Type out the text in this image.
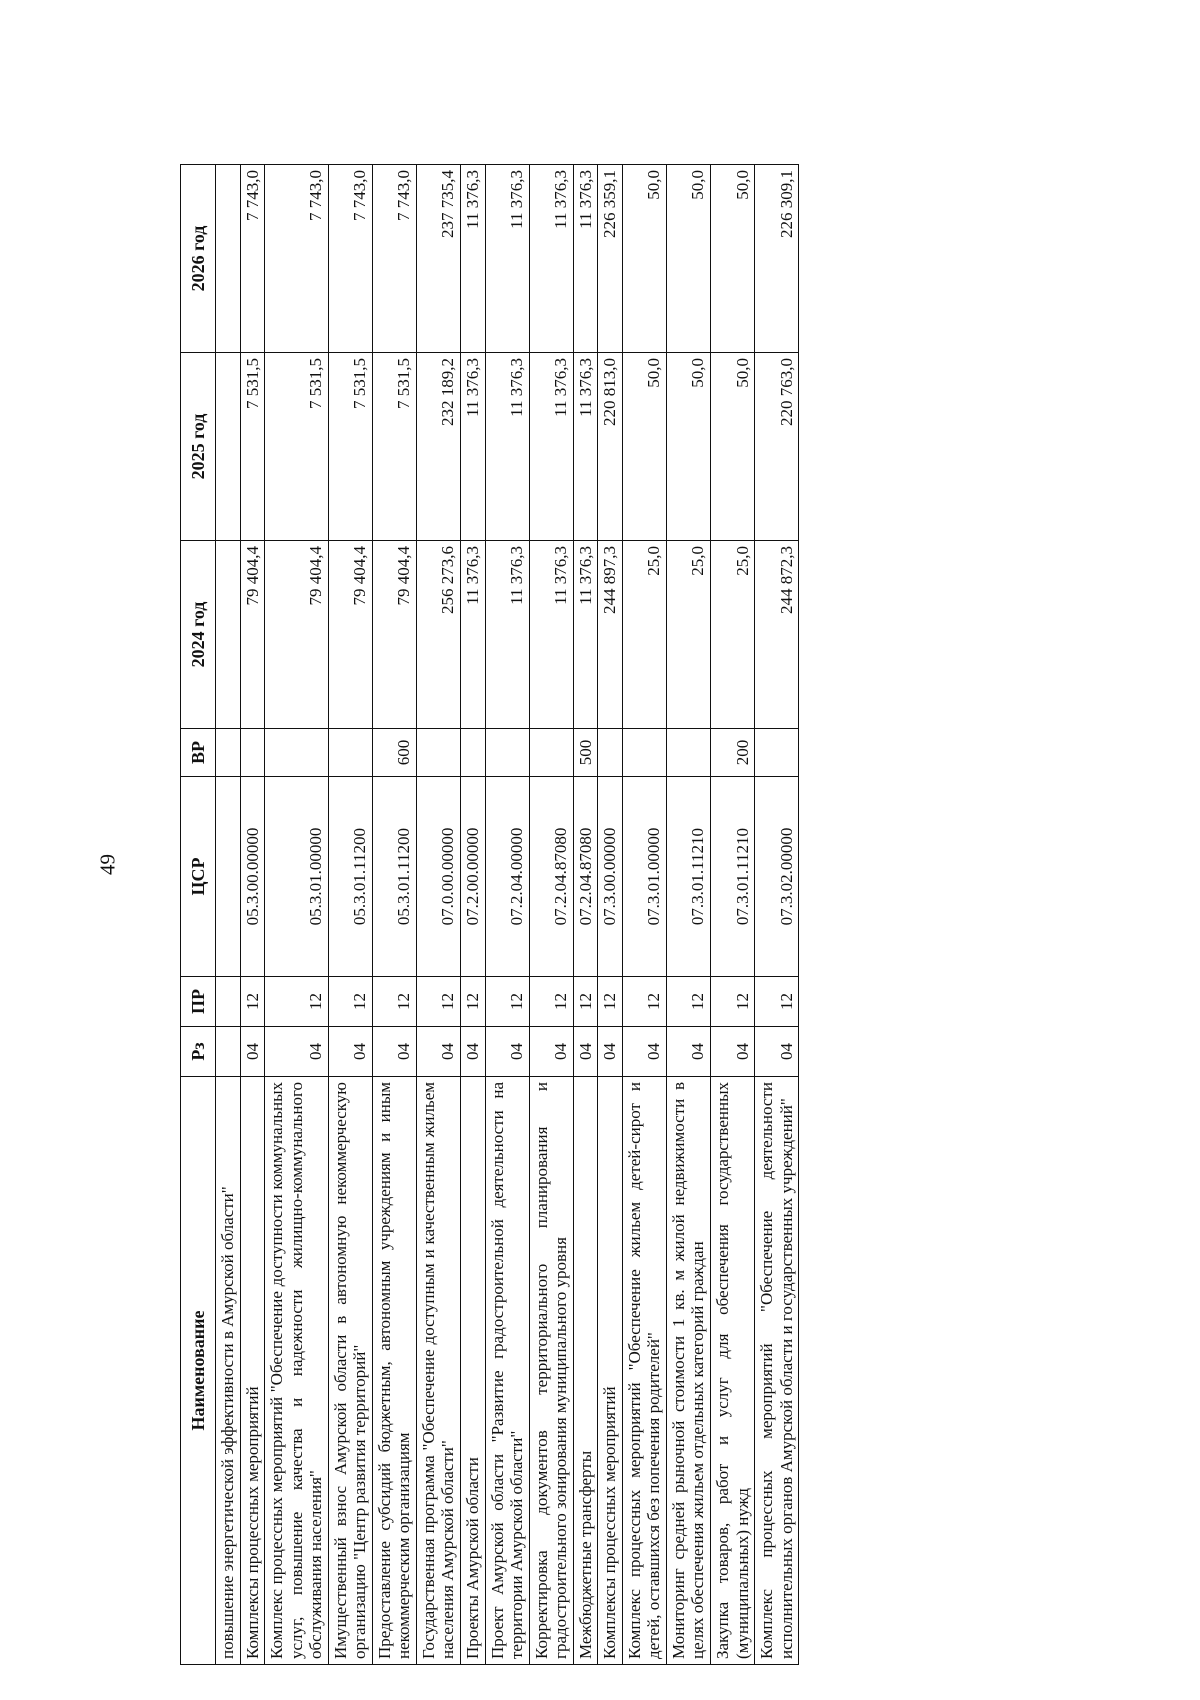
49
Наименование	Рз	ПР	ЦСР	ВР	2024 год	2025 год	2026 год
повышение энергетической эффективности в Амурской области"							
Комплексы процессных мероприятий	04	12	05.3.00.00000		79 404,4	7 531,5	7 743,0
Комплекс процессных мероприятий "Обеспечение доступности коммунальных услуг, повышение качества и надежности жилищно-коммунального обслуживания населения"	04	12	05.3.01.00000		79 404,4	7 531,5	7 743,0
Имущественный взнос Амурской области в автономную некоммерческую организацию "Центр развития территорий"	04	12	05.3.01.11200		79 404,4	7 531,5	7 743,0
Предоставление субсидий бюджетным, автономным учреждениям и иным некоммерческим организациям	04	12	05.3.01.11200	600	79 404,4	7 531,5	7 743,0
Государственная программа "Обеспечение доступным и качественным жильем населения Амурской области"	04	12	07.0.00.00000		256 273,6	232 189,2	237 735,4
Проекты Амурской области	04	12	07.2.00.00000		11 376,3	11 376,3	11 376,3
Проект Амурской области "Развитие градостроительной деятельности на территории Амурской области"	04	12	07.2.04.00000		11 376,3	11 376,3	11 376,3
Корректировка документов территориального планирования и градостроительного зонирования муниципального уровня	04	12	07.2.04.87080		11 376,3	11 376,3	11 376,3
Межбюджетные трансферты	04	12	07.2.04.87080	500	11 376,3	11 376,3	11 376,3
Комплексы процессных мероприятий	04	12	07.3.00.00000		244 897,3	220 813,0	226 359,1
Комплекс процессных мероприятий "Обеспечение жильем детей-сирот и детей, оставшихся без попечения родителей"	04	12	07.3.01.00000		25,0	50,0	50,0
Мониторинг средней рыночной стоимости 1 кв. м жилой недвижимости в целях обеспечения жильем отдельных категорий граждан	04	12	07.3.01.11210		25,0	50,0	50,0
Закупка товаров, работ и услуг для обеспечения государственных (муниципальных) нужд	04	12	07.3.01.11210	200	25,0	50,0	50,0
Комплекс процессных мероприятий "Обеспечение деятельности исполнительных органов Амурской области и государственных учреждений"	04	12	07.3.02.00000		244 872,3	220 763,0	226 309,1
